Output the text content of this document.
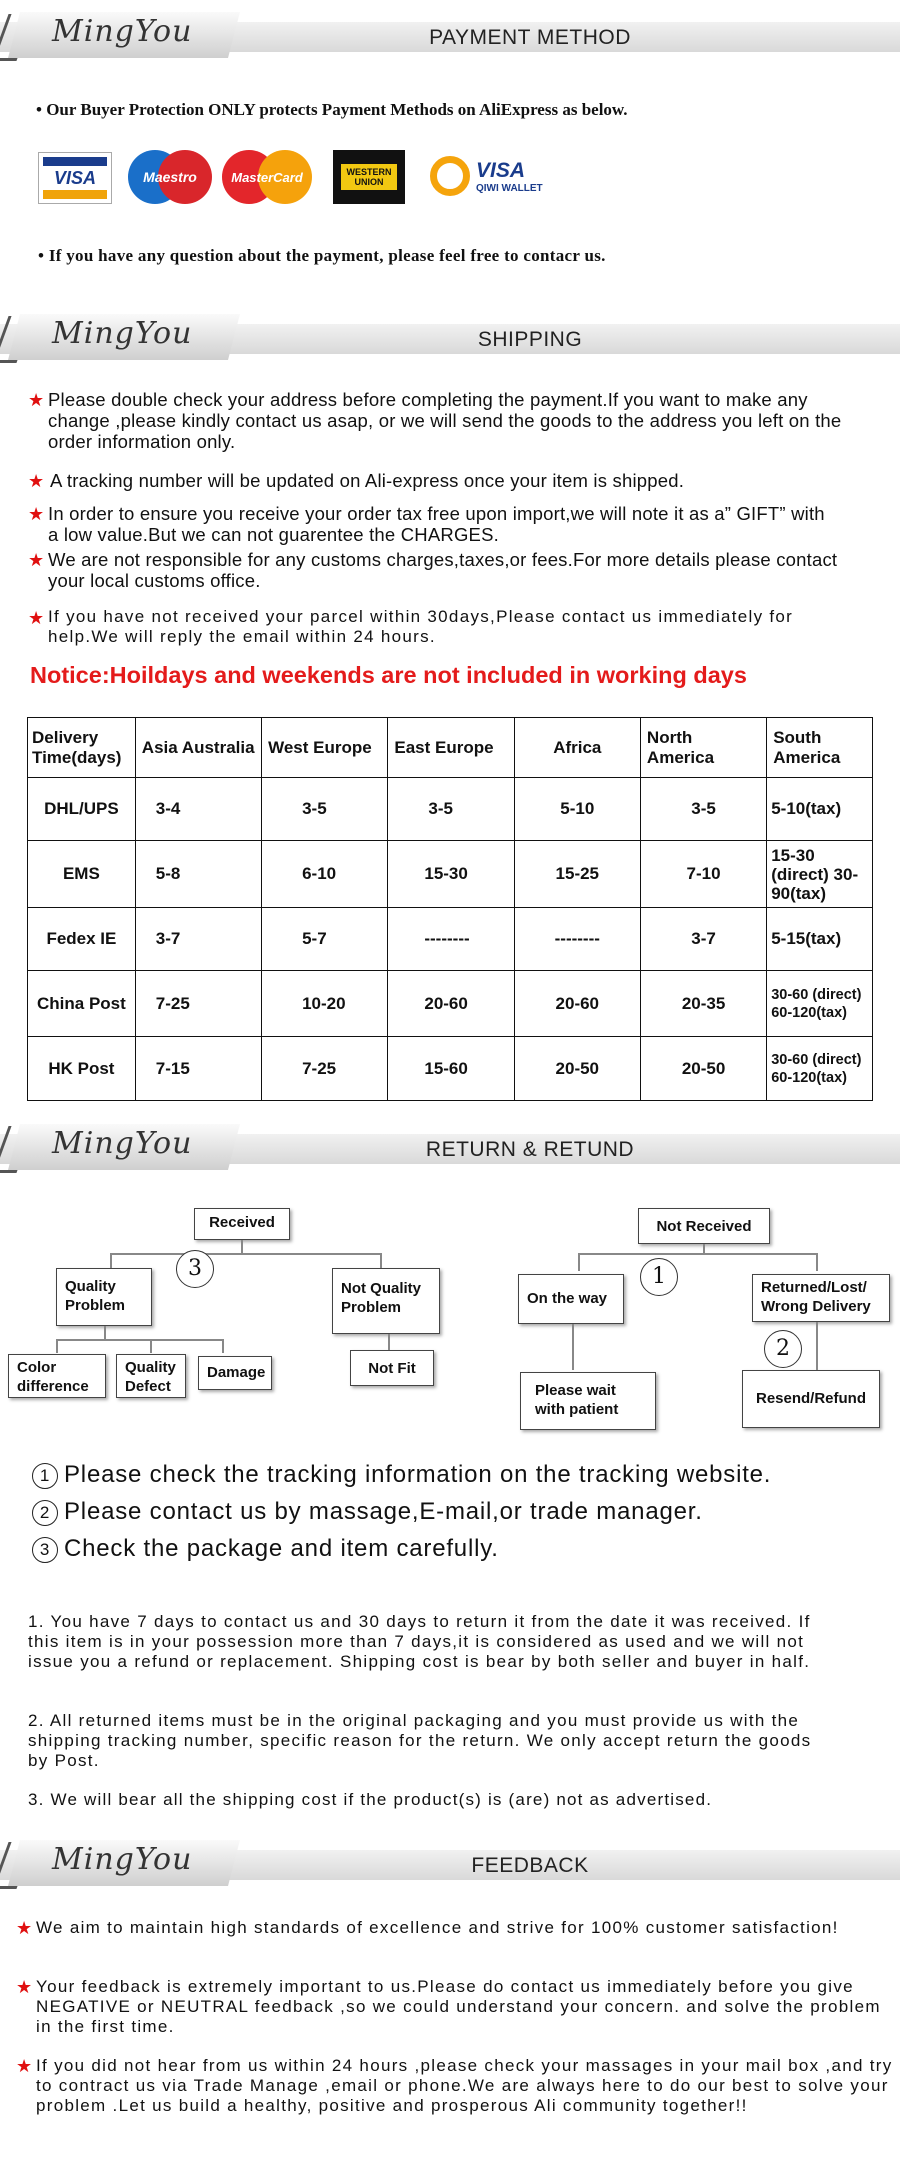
MingYou	PAYMENT METHOD
• Our Buyer Protection ONLY protects Payment Methods on AliExpress as below.
VISA	Maestro	MasterCard	WESTERN UNION
VISA
QIWI WALLET
• If you have any question about the payment, please feel free to contacr us.
MingYou	SHIPPING
★ Please double check your address before completing the payment.If you want to make any change ,please kindly contact us asap, or we will send the goods to the address you left on the order information only.
★ A tracking number will be updated on Ali-express once your item is shipped.
★ In order to ensure you receive your order tax free upon import,we will note it as a” GIFT” with a low value.But we can not guarentee the CHARGES.
★ We are not responsible for any customs charges,taxes,or fees.For more details please contact your local customs office.
★ If you have not received your parcel within 30days,Please contact us immediately for help.We will reply the email within 24 hours.
Notice:Hoildays and weekends are not included in working days
Delivery Time(days)	Asia Australia	West Europe	East Europe	Africa	North America	South America
DHL/UPS	3-4	3-5	3-5	5-10	3-5	5-10(tax)
EMS	5-8	6-10	15-30	15-25	7-10	15-30 (direct) 30-90(tax)
Fedex IE	3-7	5-7	--------	--------	3-7	5-15(tax)
China Post	7-25	10-20	20-60	20-60	20-35	30-60 (direct) 60-120(tax)
HK Post	7-15	7-25	15-60	20-50	20-50	30-60 (direct) 60-120(tax)
MingYou	RETURN & RETUND
Received
3
Quality Problem
Not Quality Problem
Color difference
Quality Defect
Damage	Not Fit
Not Received
1
On the way
Returned/Lost/ Wrong Delivery
2
Please wait with patient
Resend/Refund
1 Please check the tracking information on the tracking website.
2 Please contact us by massage,E-mail,or trade manager.
3 Check the package and item carefully.
1. You have 7 days to contact us and 30 days to return it from the date it was received. If this item is in your possession more than 7 days,it is considered as used and we will not issue you a refund or replacement. Shipping cost is bear by both seller and buyer in half.
2. All returned items must be in the original packaging and you must provide us with the shipping tracking number, specific reason for the return. We only accept return the goods by Post.
3. We will bear all the shipping cost if the product(s) is (are) not as advertised.
MingYou	FEEDBACK
★ We aim to maintain high standards of excellence and strive for 100% customer satisfaction!
★ Your feedback is extremely important to us.Please do contact us immediately before you give NEGATIVE or NEUTRAL feedback ,so we could understand your concern. and solve the problem in the first time.
★ If you did not hear from us within 24 hours ,please check your massages in your mail box ,and try to contract us via Trade Manage ,email or phone.We are always here to do our best to solve your problem .Let us build a healthy, positive and prosperous Ali community together!!
